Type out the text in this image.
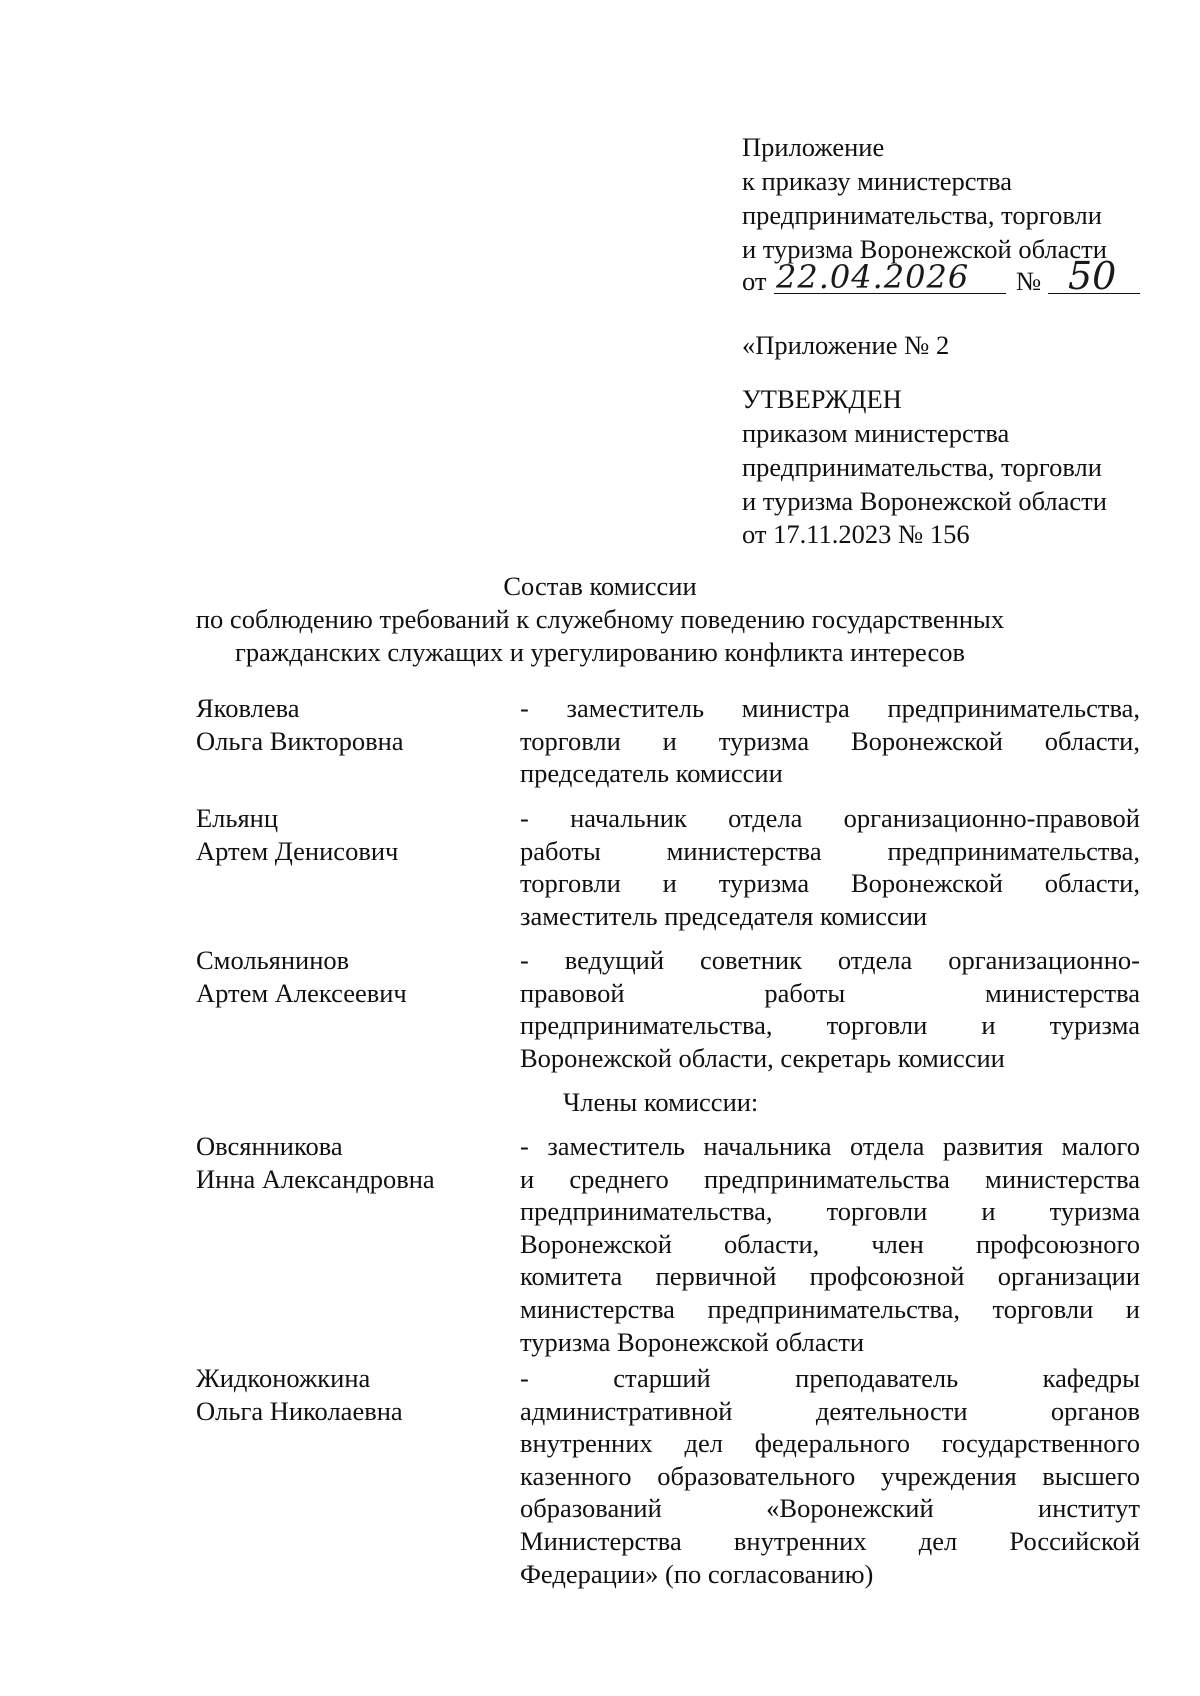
Приложение
к приказу министерства
предпринимательства, торговли
и туризма Воронежской области
от 22.04.2026 № 50
«Приложение № 2
УТВЕРЖДЕН
приказом министерства
предпринимательства, торговли
и туризма Воронежской области
от 17.11.2023 № 156
Состав комиссии
по соблюдению требований к служебному поведению государственных
гражданских служащих и урегулированию конфликта интересов
Яковлева
Ольга Викторовна
- заместитель министра предпринимательства,
торговли и туризма Воронежской области,
председатель комиссии
Ельянц
Артем Денисович
- начальник отдела организационно-правовой
работы министерства предпринимательства,
торговли и туризма Воронежской области,
заместитель председателя комиссии
Смольянинов
Артем Алексеевич
- ведущий советник отдела организационно-
правовой работы министерства
предпринимательства, торговли и туризма
Воронежской области, секретарь комиссии
Члены комиссии:
Овсянникова
Инна Александровна
- заместитель начальника отдела развития малого
и среднего предпринимательства министерства
предпринимательства, торговли и туризма
Воронежской области, член профсоюзного
комитета первичной профсоюзной организации
министерства предпринимательства, торговли и
туризма Воронежской области
Жидконожкина
Ольга Николаевна
- старший преподаватель кафедры
административной деятельности органов
внутренних дел федерального государственного
казенного образовательного учреждения высшего
образований «Воронежский институт
Министерства внутренних дел Российской
Федерации» (по согласованию)
